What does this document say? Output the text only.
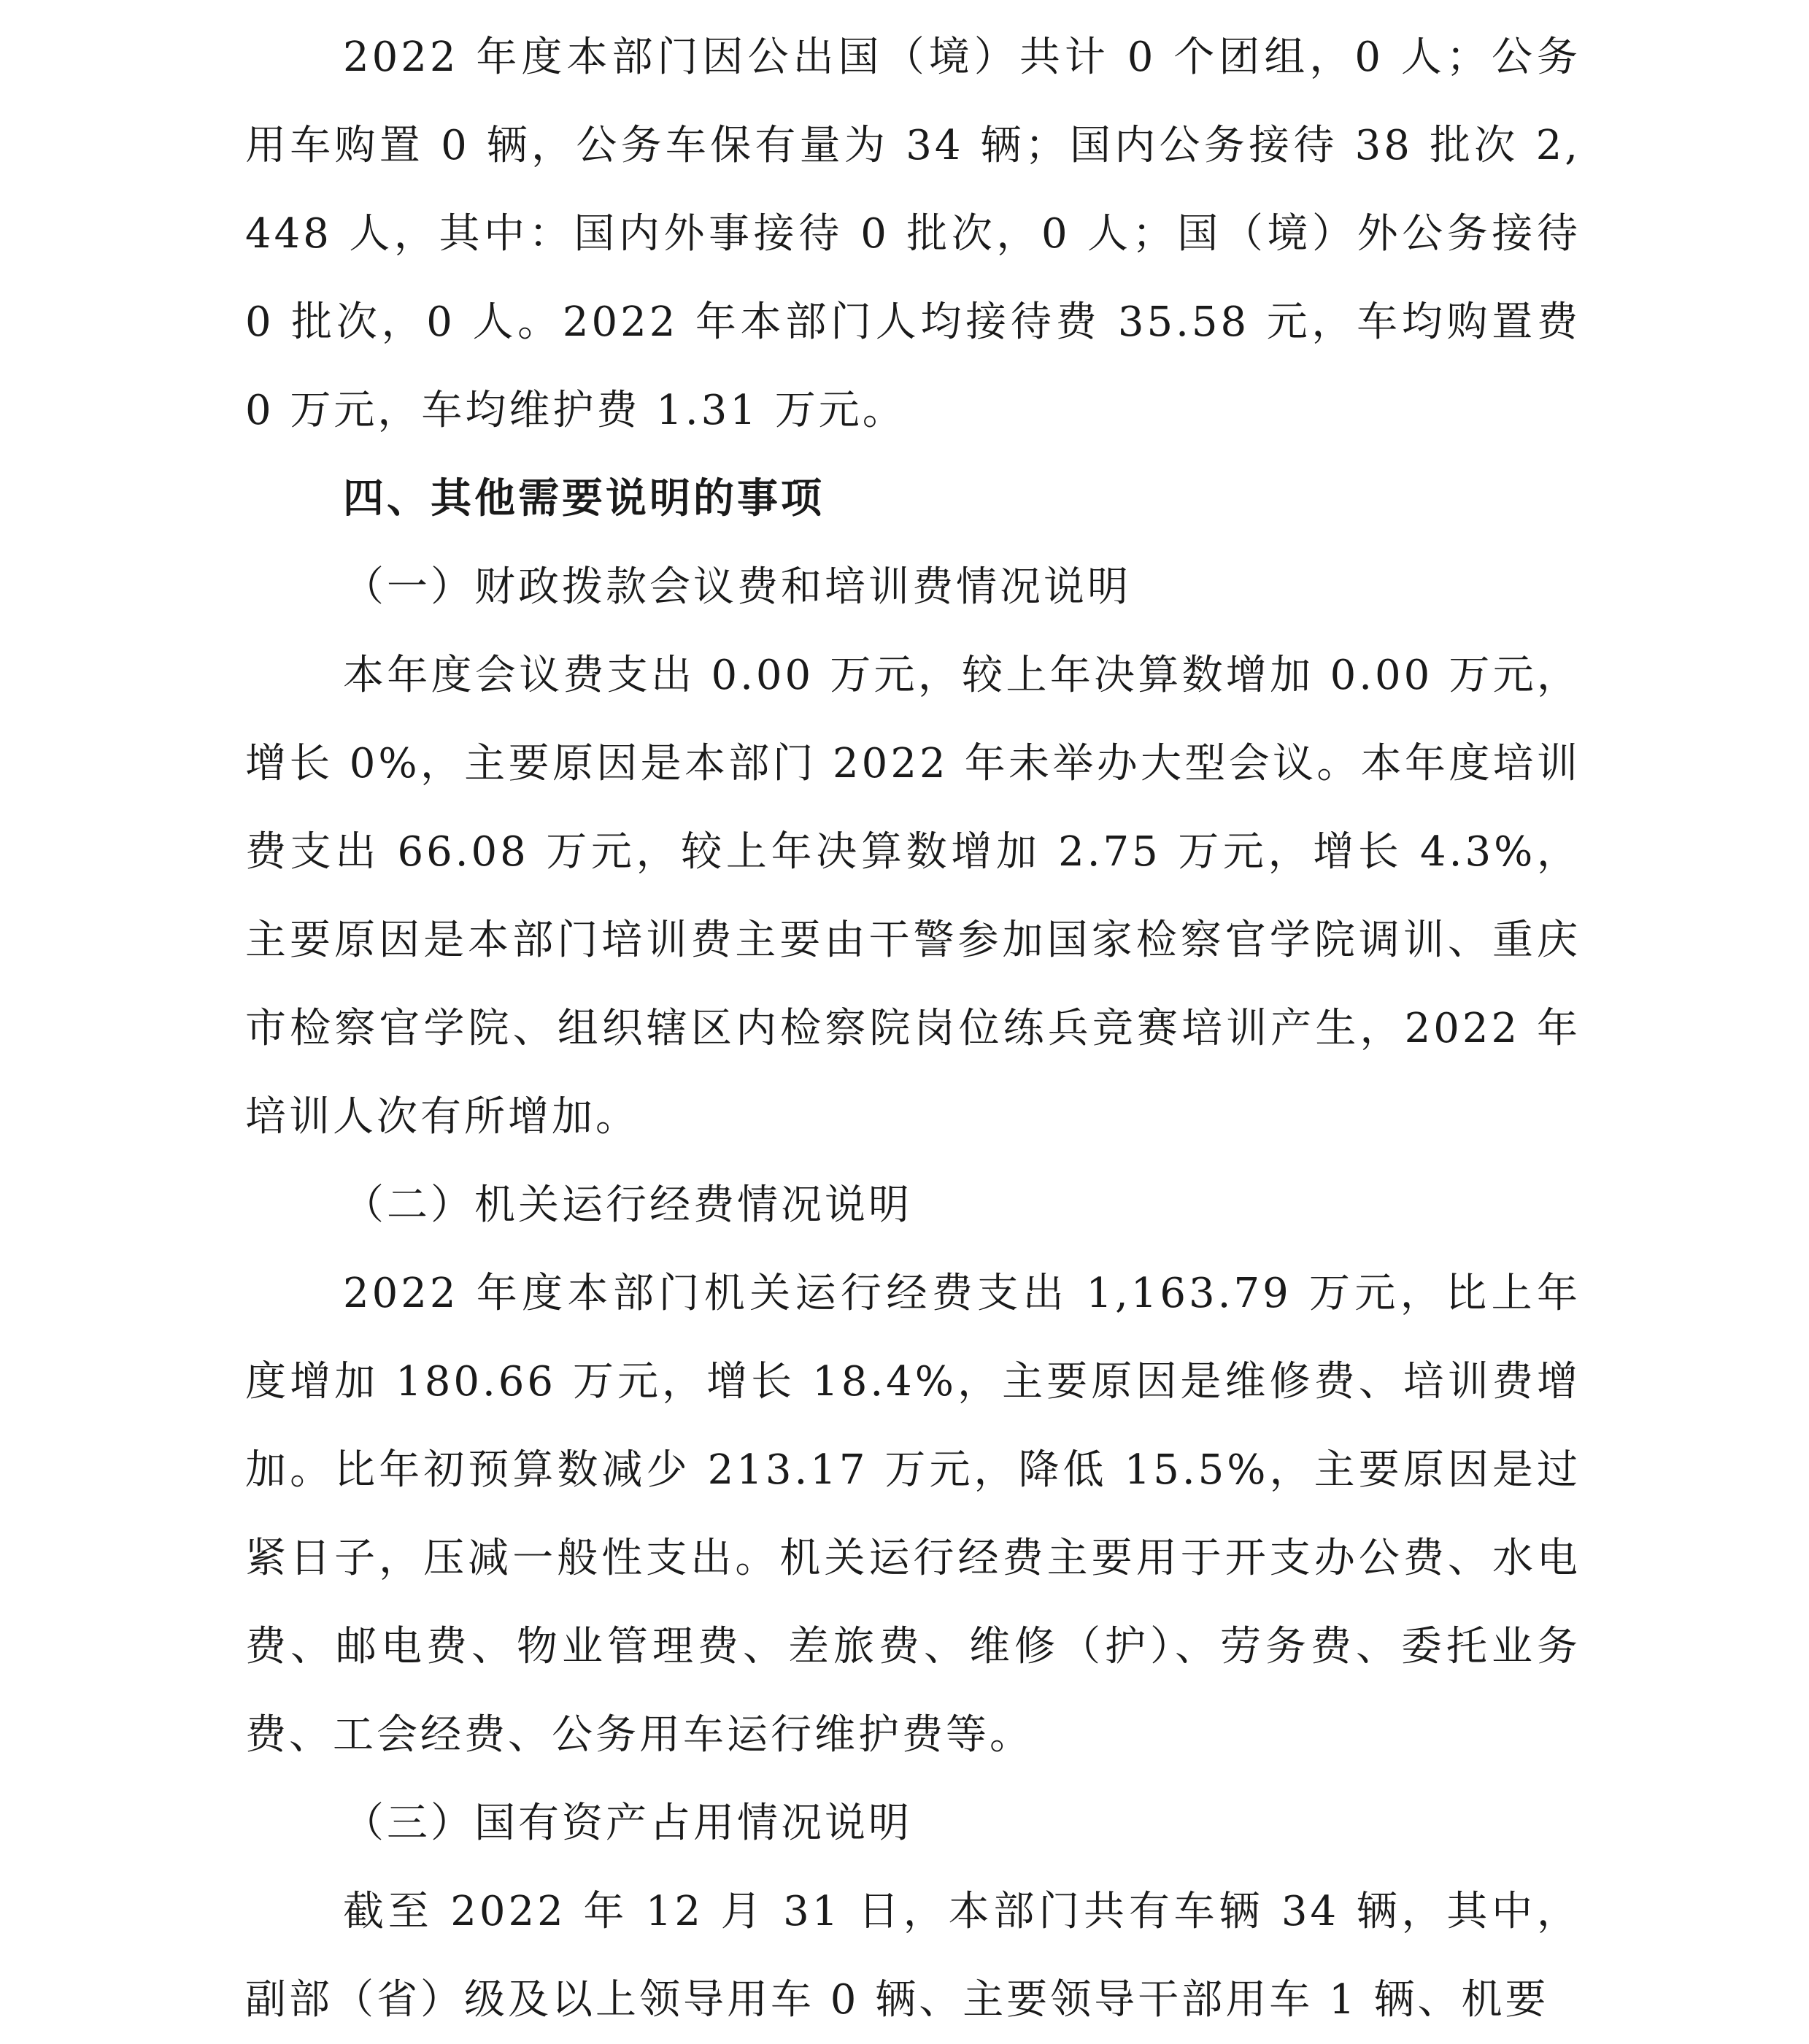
2022 年度本部门因公出国（境）共计 0 个团组，0 人；公务用车购置 0 辆，公务车保有量为 34 辆；国内公务接待 38 批次 2,448 人，其中：国内外事接待 0 批次，0 人；国（境）外公务接待 0 批次，0 人。2022 年本部门人均接待费 35.58 元，车均购置费 0 万元，车均维护费 1.31 万元。

四、其他需要说明的事项

（一）财政拨款会议费和培训费情况说明

本年度会议费支出 0.00 万元，较上年决算数增加 0.00 万元，增长 0%，主要原因是本部门 2022 年未举办大型会议。本年度培训费支出 66.08 万元，较上年决算数增加 2.75 万元，增长 4.3%，主要原因是本部门培训费主要由干警参加国家检察官学院调训、重庆市检察官学院、组织辖区内检察院岗位练兵竞赛培训产生，2022 年培训人次有所增加。

（二）机关运行经费情况说明

2022 年度本部门机关运行经费支出 1,163.79 万元，比上年度增加 180.66 万元，增长 18.4%，主要原因是维修费、培训费增加。比年初预算数减少 213.17 万元，降低 15.5%，主要原因是过紧日子，压减一般性支出。机关运行经费主要用于开支办公费、水电费、邮电费、物业管理费、差旅费、维修（护）、劳务费、委托业务费、工会经费、公务用车运行维护费等。

（三）国有资产占用情况说明

截至 2022 年 12 月 31 日，本部门共有车辆 34 辆，其中，副部（省）级及以上领导用车 0 辆、主要领导干部用车 1 辆、机要
